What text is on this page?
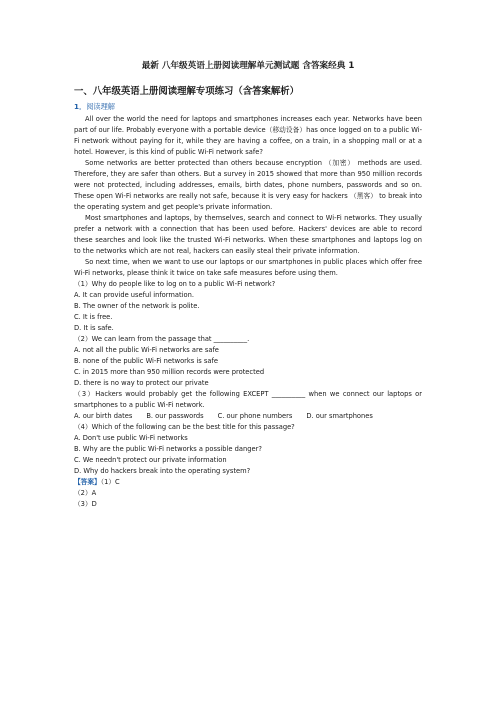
最新 八年级英语上册阅读理解单元测试题 含答案经典 1
一、八年级英语上册阅读理解专项练习（含答案解析）
1．阅读理解

All over the world the need for laptops and smartphones increases each year. Networks have been part of our life. Probably everyone with a portable device（移动设备）has once logged on to a public Wi-Fi network without paying for it, while they are having a coffee, on a train, in a shopping mall or at a hotel. However, is this kind of public Wi-Fi network safe?

Some networks are better protected than others because encryption （加密） methods are used. Therefore, they are safer than others. But a survey in 2015 showed that more than 950 million records were not protected, including addresses, emails, birth dates, phone numbers, passwords and so on. These open Wi-Fi networks are really not safe, because it is very easy for hackers （黑客） to break into the operating system and get people's private information.

Most smartphones and laptops, by themselves, search and connect to Wi-Fi networks. They usually prefer a network with a connection that has been used before. Hackers' devices are able to record these searches and look like the trusted Wi-Fi networks. When these smartphones and laptops log on to the networks which are not real, hackers can easily steal their private information.

So next time, when we want to use our laptops or our smartphones in public places which offer free Wi-Fi networks, please think it twice on take safe measures before using them.

（1）Why do people like to log on to a public Wi-Fi network?

A. It can provide useful information.

B. The owner of the network is polite.

C. It is free.

D. It is safe.

（2）We can learn from the passage that __________.

A. not all the public Wi-Fi networks are safe

B. none of the public Wi-Fi networks is safe

C. in 2015 more than 950 million records were protected

D. there is no way to protect our private

（3）Hackers would probably get the following EXCEPT __________ when we connect our laptops or smartphones to a public Wi-Fi network.

A. our birth dates B. our passwords C. our phone numbers D. our smartphones

（4）Which of the following can be the best title for this passage?

A. Don't use public Wi-Fi networks

B. Why are the public Wi-Fi networks a possible danger?

C. We needn't protect our private information

D. Why do hackers break into the operating system?

【答案】（1）C

（2）A

（3）D
